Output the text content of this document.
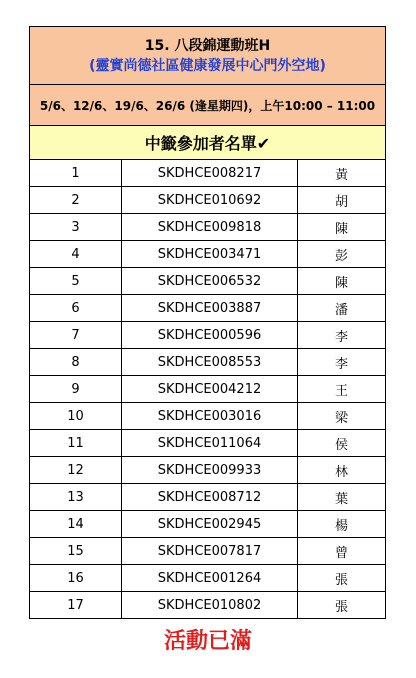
15. 八段錦運動班H
(靈實尚德社區健康發展中心門外空地)		

5/6、12/6、19/6、26/6 (逢星期四)，上午10:00 – 11:00		
中籤參加者名單✔		
1	SKDHCE008217	黃
2	SKDHCE010692	胡
3	SKDHCE009818	陳
4	SKDHCE003471	彭
5	SKDHCE006532	陳
6	SKDHCE003887	潘
7	SKDHCE000596	李
8	SKDHCE008553	李
9	SKDHCE004212	王
10	SKDHCE003016	梁
11	SKDHCE011064	侯
12	SKDHCE009933	林
13	SKDHCE008712	葉
14	SKDHCE002945	楊
15	SKDHCE007817	曾
16	SKDHCE001264	張
17	SKDHCE010802	張
活動已滿
